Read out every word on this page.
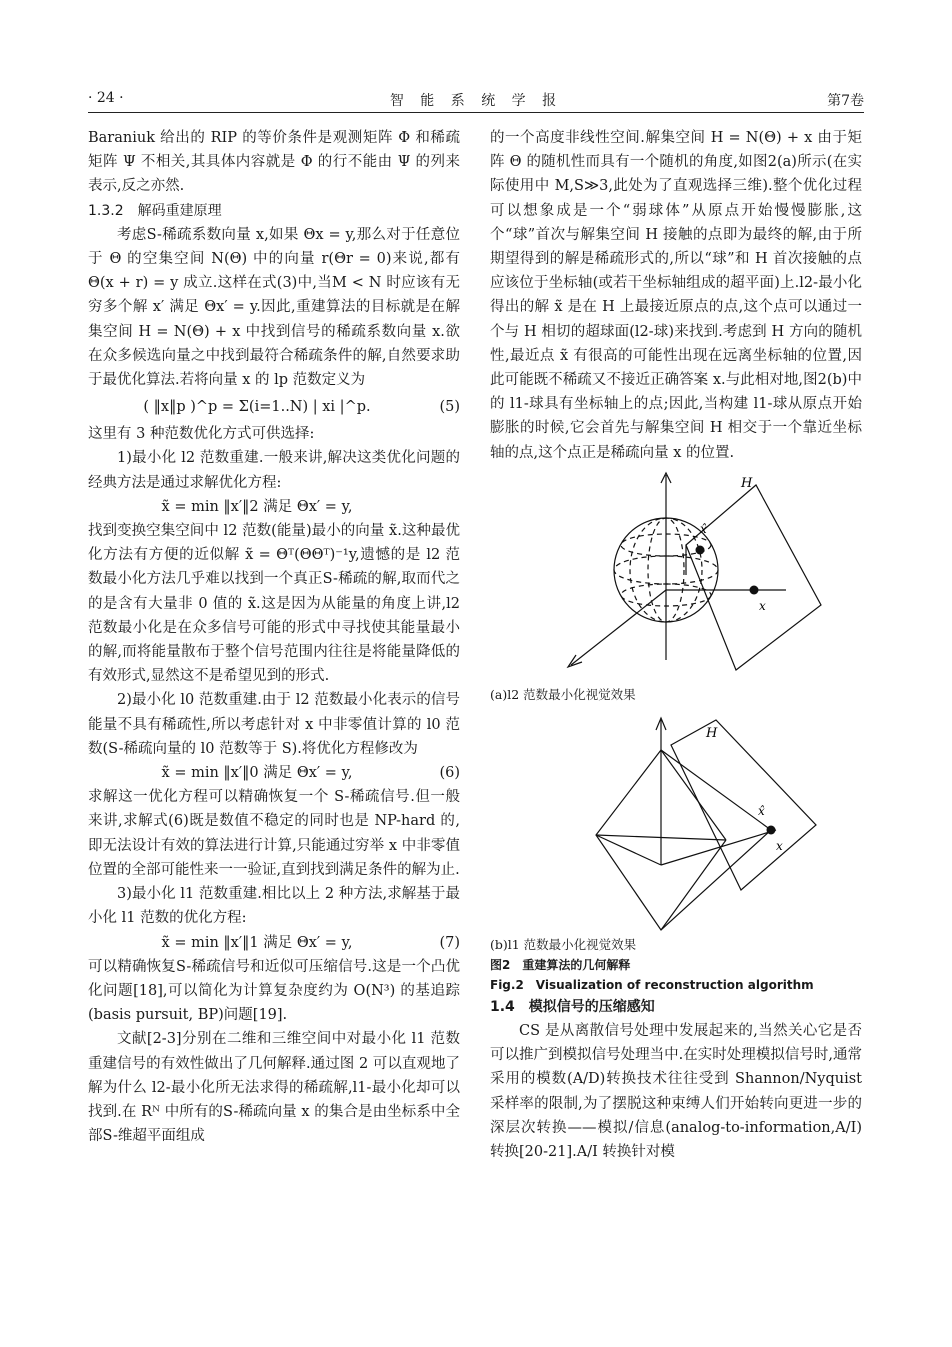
· 24 ·	智 能 系 统 学 报	第7卷

Baraniuk 给出的 RIP 的等价条件是观测矩阵 Φ 和稀疏矩阵 Ψ 不相关,其具体内容就是 Φ 的行不能由 Ψ 的列来表示,反之亦然.

1.3.2　解码重建原理

考虑S-稀疏系数向量 x,如果 Θx = y,那么对于任意位于 Θ 的空集空间 N(Θ) 中的向量 r(Θr = 0)来说,都有 Θ(x + r) = y 成立.这样在式(3)中,当M < N 时应该有无穷多个解 x′ 满足 Θx′ = y.因此,重建算法的目标就是在解集空间 H = N(Θ) + x 中找到信号的稀疏系数向量 x.欲在众多候选向量之中找到最符合稀疏条件的解,自然要求助于最优化算法.若将向量 x 的 lp 范数定义为

( ‖x‖p )^p = Σ(i=1..N) | xi |^p.	(5)

这里有 3 种范数优化方式可供选择:

1)最小化 l2 范数重建.一般来讲,解决这类优化问题的经典方法是通过求解优化方程:

x̃ = min ‖x′‖2 满足 Θx′ = y,

找到变换空集空间中 l2 范数(能量)最小的向量 x̃.这种最优化方法有方便的近似解 x̃ = Θᵀ(ΘΘᵀ)⁻¹y,遗憾的是 l2 范数最小化方法几乎难以找到一个真正S-稀疏的解,取而代之的是含有大量非 0 值的 x̃.这是因为从能量的角度上讲,l2 范数最小化是在众多信号可能的形式中寻找使其能量最小的解,而将能量散布于整个信号范围内往往是将能量降低的有效形式,显然这不是希望见到的形式.

2)最小化 l0 范数重建.由于 l2 范数最小化表示的信号能量不具有稀疏性,所以考虑针对 x 中非零值计算的 l0 范数(S-稀疏向量的 l0 范数等于 S).将优化方程修改为

x̃ = min ‖x′‖0 满足 Θx′ = y,	(6)

求解这一优化方程可以精确恢复一个 S-稀疏信号.但一般来讲,求解式(6)既是数值不稳定的同时也是 NP-hard 的,即无法设计有效的算法进行计算,只能通过穷举 x 中非零值位置的全部可能性来一一验证,直到找到满足条件的解为止.

3)最小化 l1 范数重建.相比以上 2 种方法,求解基于最小化 l1 范数的优化方程:

x̃ = min ‖x′‖1 满足 Θx′ = y,	(7)

可以精确恢复S-稀疏信号和近似可压缩信号.这是一个凸优化问题[18],可以简化为计算复杂度约为 O(N³) 的基追踪(basis pursuit, BP)问题[19].

文献[2-3]分别在二维和三维空间中对最小化 l1 范数重建信号的有效性做出了几何解释.通过图 2 可以直观地了解为什么 l2-最小化所无法求得的稀疏解,l1-最小化却可以找到.在 Rᴺ 中所有的S-稀疏向量 x 的集合是由坐标系中全部S-维超平面组成

的一个高度非线性空间.解集空间 H = N(Θ) + x 由于矩阵 Θ 的随机性而具有一个随机的角度,如图2(a)所示(在实际使用中 M,S≫3,此处为了直观选择三维).整个优化过程可以想象成是一个“弱球体”从原点开始慢慢膨胀,这个“球”首次与解集空间 H 接触的点即为最终的解,由于所期望得到的解是稀疏形式的,所以“球”和 H 首次接触的点应该位于坐标轴(或若干坐标轴组成的超平面)上.l2-最小化得出的解 x̃ 是在 H 上最接近原点的点,这个点可以通过一个与 H 相切的超球面(l2-球)来找到.考虑到 H 方向的随机性,最近点 x̃ 有很高的可能性出现在远离坐标轴的位置,因此可能既不稀疏又不接近正确答案 x.与此相对地,图2(b)中的 l1-球具有坐标轴上的点;因此,当构建 l1-球从原点开始膨胀的时候,它会首先与解集空间 H 相交于一个靠近坐标轴的点,这个点正是稀疏向量 x 的位置.

H
x̂
x

(a)l2 范数最小化视觉效果

H
x̂
x

(b)l1 范数最小化视觉效果

图2　重建算法的几何解释

Fig.2　Visualization of reconstruction algorithm

1.4　模拟信号的压缩感知

CS 是从离散信号处理中发展起来的,当然关心它是否可以推广到模拟信号处理当中.在实时处理模拟信号时,通常采用的模数(A/D)转换技术往往受到 Shannon/Nyquist 采样率的限制,为了摆脱这种束缚人们开始转向更进一步的深层次转换——模拟/信息(analog-to-information,A/I)转换[20-21].A/I 转换针对模
